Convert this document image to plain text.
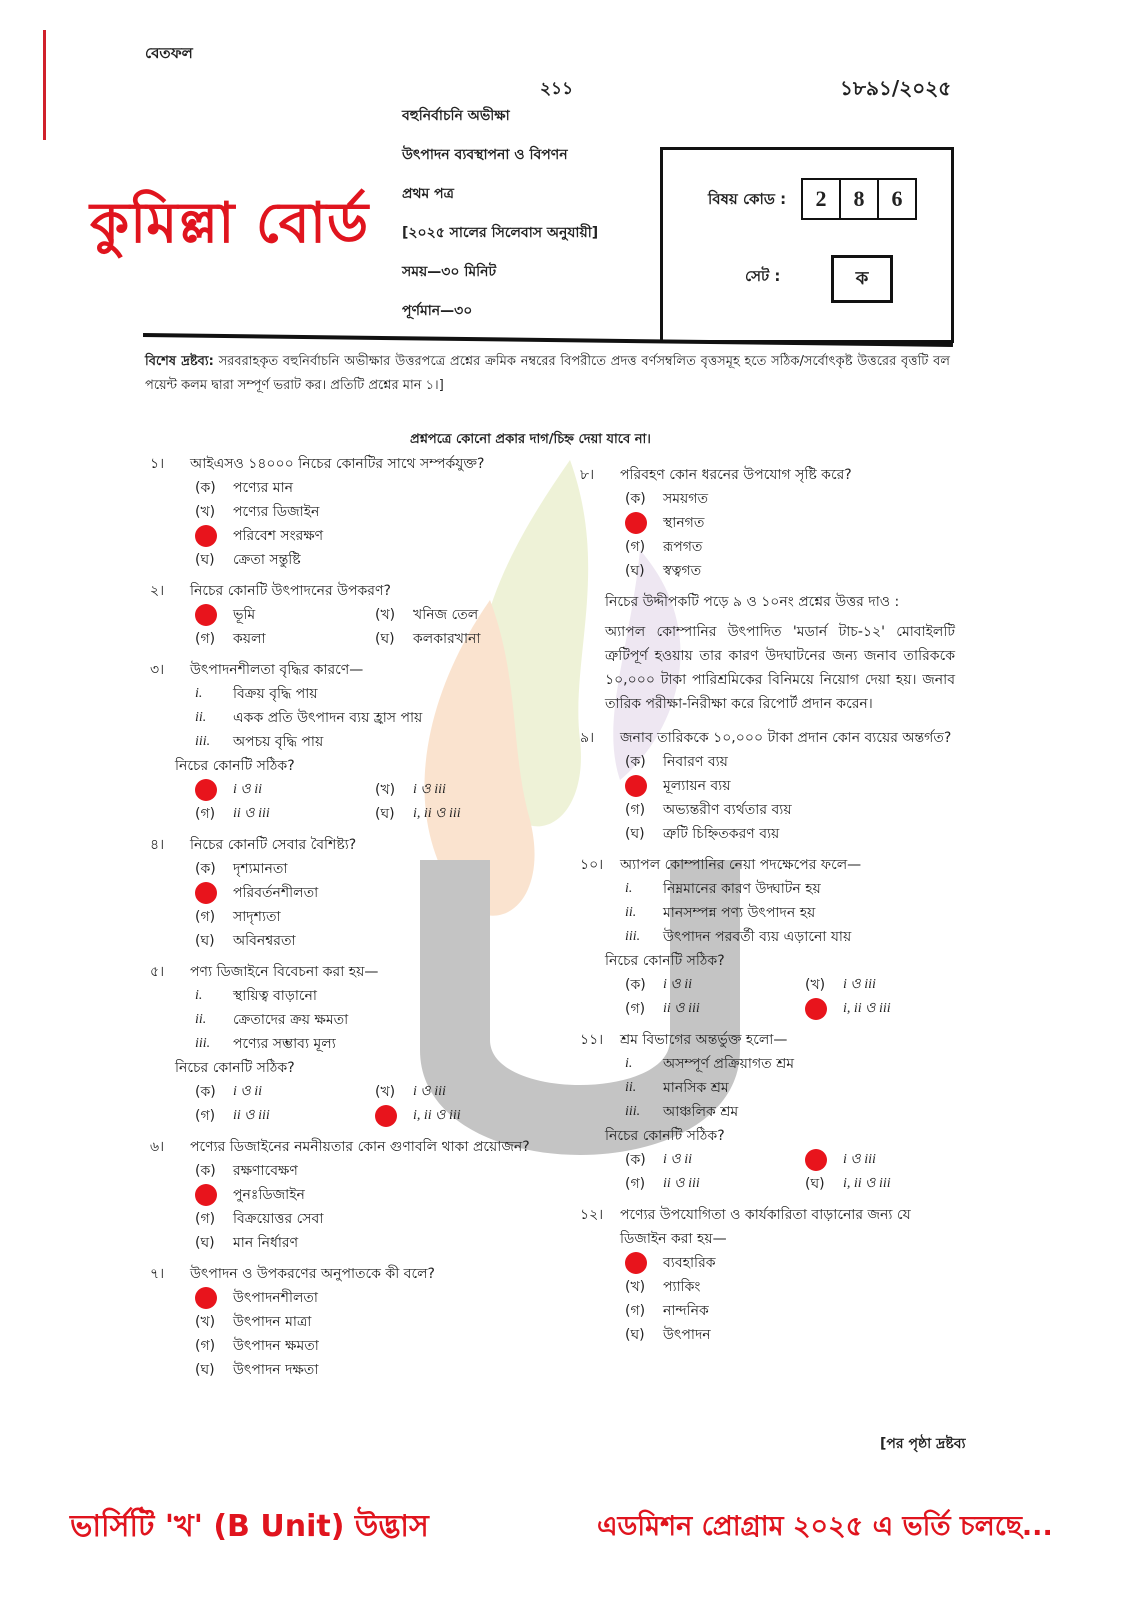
বেতফল
২১১	১৮৯১/২০২৫
কুমিল্লা বোর্ড
বহুনির্বাচনি অভীক্ষা
উৎপাদন ব্যবস্থাপনা ও বিপণন
প্রথম পত্র
[২০২৫ সালের সিলেবাস অনুযায়ী]
সময়—৩০ মিনিট
পূর্ণমান—৩০
বিষয় কোড :	2	8	6
সেট :	ক
বিশেষ দ্রষ্টব্য: সরবরাহকৃত বহুনির্বাচনি অভীক্ষার উত্তরপত্রে প্রশ্নের ক্রমিক নম্বরের বিপরীতে প্রদত্ত বর্ণসম্বলিত বৃত্তসমূহ হতে সঠিক/সর্বোৎকৃষ্ট উত্তরের বৃত্তটি বল পয়েন্ট কলম দ্বারা সম্পূর্ণ ভরাট কর। প্রতিটি প্রশ্নের মান ১।]
প্রশ্নপত্রে কোনো প্রকার দাগ/চিহ্ন দেয়া যাবে না।
১।	আইএসও ১৪০০০ নিচের কোনটির সাথে সম্পর্কযুক্ত?
(ক)	পণ্যের মান
(খ)	পণ্যের ডিজাইন
পরিবেশ সংরক্ষণ
(ঘ)	ক্রেতা সন্তুষ্টি
২।	নিচের কোনটি উৎপাদনের উপকরণ?
ভূমি	(খ)	খনিজ তেল
(গ)	কয়লা	(ঘ)	কলকারখানা
৩।	উৎপাদনশীলতা বৃদ্ধির কারণে—
i.	বিক্রয় বৃদ্ধি পায়
ii.	একক প্রতি উৎপাদন ব্যয় হ্রাস পায়
iii.	অপচয় বৃদ্ধি পায়
নিচের কোনটি সঠিক?
i ও ii	(খ)	i ও iii
(গ)	ii ও iii	(ঘ)	i, ii ও iii
৪।	নিচের কোনটি সেবার বৈশিষ্ট্য?
(ক)	দৃশ্যমানতা
পরিবর্তনশীলতা
(গ)	সাদৃশ্যতা
(ঘ)	অবিনশ্বরতা
৫।	পণ্য ডিজাইনে বিবেচনা করা হয়—
i.	স্থায়িত্ব বাড়ানো
ii.	ক্রেতাদের ক্রয় ক্ষমতা
iii.	পণ্যের সম্ভাব্য মূল্য
নিচের কোনটি সঠিক?
(ক)	i ও ii	(খ)	i ও iii
(গ)	ii ও iii	i, ii ও iii
৬।	পণ্যের ডিজাইনের নমনীয়তার কোন গুণাবলি থাকা প্রয়োজন?
(ক)	রক্ষণাবেক্ষণ
পুনঃডিজাইন
(গ)	বিক্রয়োত্তর সেবা
(ঘ)	মান নির্ধারণ
৭।	উৎপাদন ও উপকরণের অনুপাতকে কী বলে?
উৎপাদনশীলতা
(খ)	উৎপাদন মাত্রা
(গ)	উৎপাদন ক্ষমতা
(ঘ)	উৎপাদন দক্ষতা
৮।	পরিবহণ কোন ধরনের উপযোগ সৃষ্টি করে?
(ক)	সময়গত
স্থানগত
(গ)	রূপগত
(ঘ)	স্বত্বগত

নিচের উদ্দীপকটি পড়ে ৯ ও ১০নং প্রশ্নের উত্তর দাও :

অ্যাপল কোম্পানির উৎপাদিত 'মডার্ন টাচ-১২' মোবাইলটি ত্রুটিপূর্ণ হওয়ায় তার কারণ উদঘাটনের জন্য জনাব তারিককে ১০,০০০ টাকা পারিশ্রমিকের বিনিময়ে নিয়োগ দেয়া হয়। জনাব তারিক পরীক্ষা-নিরীক্ষা করে রিপোর্ট প্রদান করেন।

৯।	জনাব তারিককে ১০,০০০ টাকা প্রদান কোন ব্যয়ের অন্তর্গত?
(ক)	নিবারণ ব্যয়
মূল্যায়ন ব্যয়
(গ)	অভ্যন্তরীণ ব্যর্থতার ব্যয়
(ঘ)	ত্রুটি চিহ্নিতকরণ ব্যয়
১০।	অ্যাপল কোম্পানির নেয়া পদক্ষেপের ফলে—
i.	নিম্নমানের কারণ উদ্ঘাটন হয়
ii.	মানসম্পন্ন পণ্য উৎপাদন হয়
iii.	উৎপাদন পরবর্তী ব্যয় এড়ানো যায়
নিচের কোনটি সঠিক?
(ক)	i ও ii	(খ)	i ও iii
(গ)	ii ও iii	i, ii ও iii
১১।	শ্রম বিভাগের অন্তর্ভুক্ত হলো—
i.	অসম্পূর্ণ প্রক্রিয়াগত শ্রম
ii.	মানসিক শ্রম
iii.	আঞ্চলিক শ্রম
নিচের কোনটি সঠিক?
(ক)	i ও ii	i ও iii
(গ)	ii ও iii	(ঘ)	i, ii ও iii
১২।	পণ্যের উপযোগিতা ও কার্যকারিতা বাড়ানোর জন্য যে ডিজাইন করা হয়—
ব্যবহারিক
(খ)	প্যাকিং
(গ)	নান্দনিক
(ঘ)	উৎপাদন
[পর পৃষ্ঠা দ্রষ্টব্য
ভার্সিটি 'খ' (B Unit) উদ্ভাস	এডমিশন প্রোগ্রাম ২০২৫ এ ভর্তি চলছে...
